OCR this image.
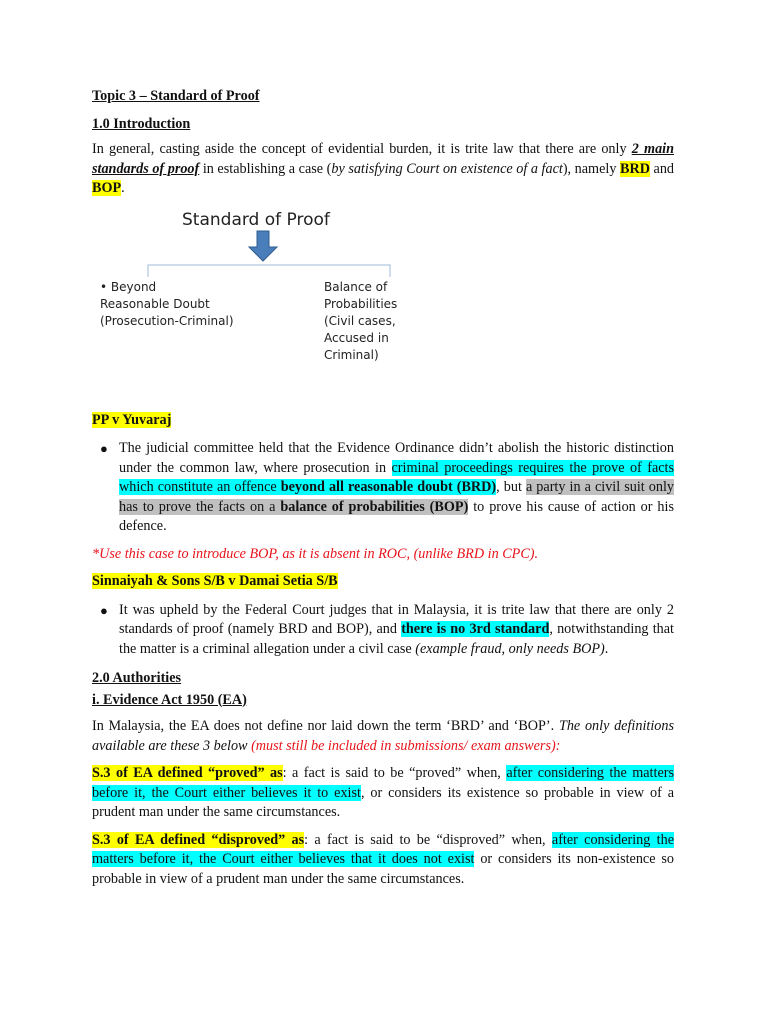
Topic 3 – Standard of Proof

1.0 Introduction

In general, casting aside the concept of evidential burden, it is trite law that there are only 2 main standards of proof in establishing a case (by satisfying Court on existence of a fact), namely BRD and BOP.

Standard of Proof
• Beyond
Reasonable Doubt
(Prosecution-Criminal)
Balance of
Probabilities
(Civil cases,
Accused in
Criminal)

PP v Yuvaraj

● The judicial committee held that the Evidence Ordinance didn’t abolish the historic distinction under the common law, where prosecution in criminal proceedings requires the prove of facts which constitute an offence beyond all reasonable doubt (BRD), but a party in a civil suit only has to prove the facts on a balance of probabilities (BOP) to prove his cause of action or his defence.

*Use this case to introduce BOP, as it is absent in ROC, (unlike BRD in CPC).

Sinnaiyah & Sons S/B v Damai Setia S/B

● It was upheld by the Federal Court judges that in Malaysia, it is trite law that there are only 2 standards of proof (namely BRD and BOP), and there is no 3rd standard, notwithstanding that the matter is a criminal allegation under a civil case (example fraud, only needs BOP).

2.0 Authorities

i. Evidence Act 1950 (EA)

In Malaysia, the EA does not define nor laid down the term ‘BRD’ and ‘BOP’. The only definitions available are these 3 below (must still be included in submissions/ exam answers):

S.3 of EA defined “proved” as: a fact is said to be “proved” when, after considering the matters before it, the Court either believes it to exist, or considers its existence so probable in view of a prudent man under the same circumstances.

S.3 of EA defined “disproved” as: a fact is said to be “disproved” when, after considering the matters before it, the Court either believes that it does not exist or considers its non-existence so probable in view of a prudent man under the same circumstances.
